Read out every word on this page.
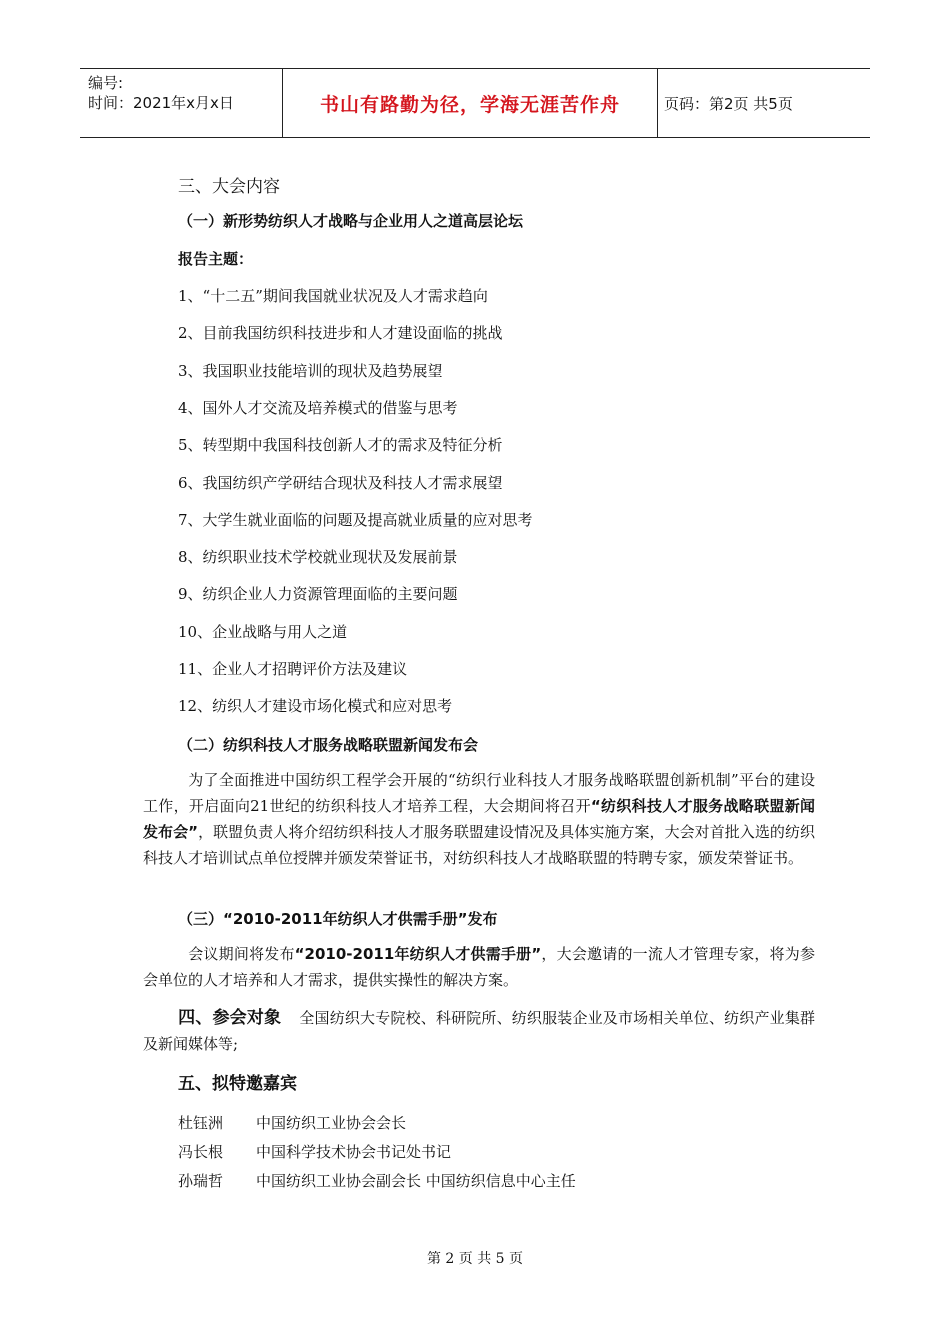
编号:
时间：2021年x月x日	书山有路勤为径，学海无涯苦作舟	页码：第2页 共5页
三、大会内容
（一）新形势纺织人才战略与企业用人之道高层论坛
报告主题：
1、“十二五”期间我国就业状况及人才需求趋向
2、目前我国纺织科技进步和人才建设面临的挑战
3、我国职业技能培训的现状及趋势展望
4、国外人才交流及培养模式的借鉴与思考
5、转型期中我国科技创新人才的需求及特征分析
6、我国纺织产学研结合现状及科技人才需求展望
7、大学生就业面临的问题及提高就业质量的应对思考
8、纺织职业技术学校就业现状及发展前景
9、纺织企业人力资源管理面临的主要问题
10、企业战略与用人之道
11、企业人才招聘评价方法及建议
12、纺织人才建设市场化模式和应对思考
（二）纺织科技人才服务战略联盟新闻发布会
为了全面推进中国纺织工程学会开展的“纺织行业科技人才服务战略联盟创新机制”平台的建设工作，开启面向21世纪的纺织科技人才培养工程，大会期间将召开“纺织科技人才服务战略联盟新闻发布会”，联盟负责人将介绍纺织科技人才服务联盟建设情况及具体实施方案，大会对首批入选的纺织科技人才培训试点单位授牌并颁发荣誉证书，对纺织科技人才战略联盟的特聘专家，颁发荣誉证书。
（三）“2010-2011年纺织人才供需手册”发布
会议期间将发布“2010-2011年纺织人才供需手册”，大会邀请的一流人才管理专家，将为参会单位的人才培养和人才需求，提供实操性的解决方案。
四、参会对象 全国纺织大专院校、科研院所、纺织服装企业及市场相关单位、纺织产业集群及新闻媒体等;
五、拟特邀嘉宾
杜钰洲 中国纺织工业协会会长
冯长根 中国科学技术协会书记处书记
孙瑞哲 中国纺织工业协会副会长 中国纺织信息中心主任
第 2 页 共 5 页
